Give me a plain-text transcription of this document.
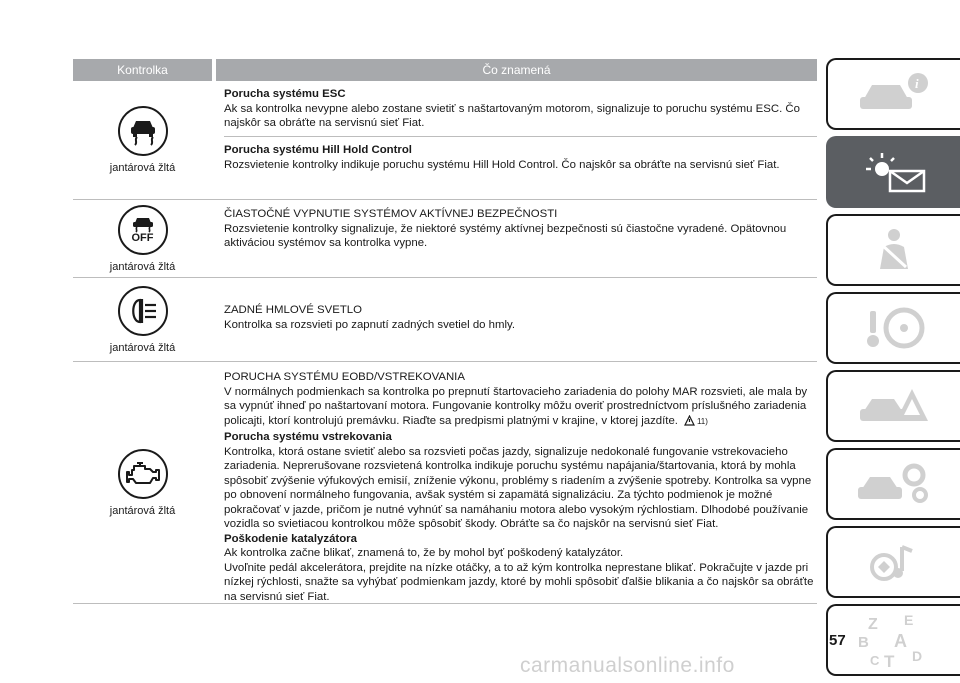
Kontrolka	Čo znamená
jantárová žltá
Porucha systému ESC
Ak sa kontrolka nevypne alebo zostane svietiť s naštartovaným motorom, signalizuje to poruchu systému ESC. Čo najskôr sa obráťte na servisnú sieť Fiat.
Porucha systému Hill Hold Control
Rozsvietenie kontrolky indikuje poruchu systému Hill Hold Control. Čo najskôr sa obráťte na servisnú sieť Fiat.
OFF
jantárová žltá
ČIASTOČNÉ VYPNUTIE SYSTÉMOV AKTÍVNEJ BEZPEČNOSTI
Rozsvietenie kontrolky signalizuje, že niektoré systémy aktívnej bezpečnosti sú čiastočne vyradené. Opätovnou aktiváciou systémov sa kontrolka vypne.
jantárová žltá
ZADNÉ HMLOVÉ SVETLO
Kontrolka sa rozsvieti po zapnutí zadných svetiel do hmly.
jantárová žltá
PORUCHA SYSTÉMU EOBD/VSTREKOVANIA
V normálnych podmienkach sa kontrolka po prepnutí štartovacieho zariadenia do polohy MAR rozsvieti, ale mala by sa vypnúť ihneď po naštartovaní motora. Fungovanie kontrolky môžu overiť prostredníctvom príslušného zariadenia policajti, ktorí kontrolujú premávku. Riaďte sa predpismi platnými v krajine, v ktorej jazdíte. 11)
Porucha systému vstrekovania
Kontrolka, ktorá ostane svietiť alebo sa rozsvieti počas jazdy, signalizuje nedokonalé fungovanie vstrekovacieho zariadenia. Neprerušovane rozsvietená kontrolka indikuje poruchu systému napájania/štartovania, ktorá by mohla spôsobiť zvýšenie výfukových emisií, zníženie výkonu, problémy s riadením a zvýšenie spotreby. Kontrolka sa vypne po obnovení normálneho fungovania, avšak systém si zapamätá signalizáciu. Za týchto podmienok je možné pokračovať v jazde, pričom je nutné vyhnúť sa namáhaniu motora alebo vysokým rýchlostiam. Dlhodobé používanie vozidla so svietiacou kontrolkou môže spôsobiť škody. Obráťte sa čo najskôr na servisnú sieť Fiat.
Poškodenie katalyzátora
Ak kontrolka začne blikať, znamená to, že by mohol byť poškodený katalyzátor.
Uvoľnite pedál akcelerátora, prejdite na nízke otáčky, a to až kým kontrolka neprestane blikať. Pokračujte v jazde pri nízkej rýchlosti, snažte sa vyhýbať podmienkam jazdy, ktoré by mohli spôsobiť ďalšie blikania a čo najskôr sa obráťte na servisnú sieť Fiat.
i
Z E
B A
C T D
57
carmanualsonline.info
